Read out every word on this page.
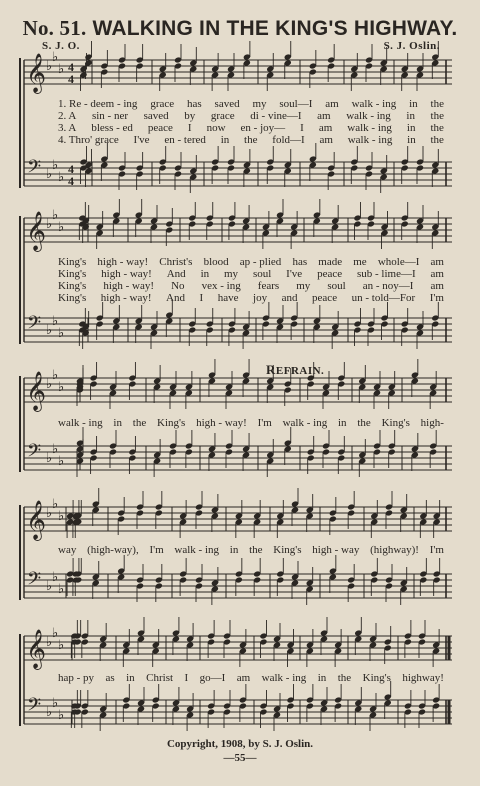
𝄞
𝄢
♭
♭
♭
♭
♭
♭
4
4
4
4
𝄞
𝄢
♭
♭
♭
♭
♭
♭
𝄞
𝄢
♭
♭
♭
♭
♭
♭
𝄞
𝄢
♭
♭
♭
♭
♭
♭
𝄞
𝄢
♭
♭
♭
♭
♭
♭
No. 51. WALKING IN THE KING'S HIGHWAY.
S. J. O.	S. J. Oslin.
REFRAIN.
1. Re - deem - ing grace has saved my soul—I am walk - ing in the
2. A sin - ner saved by grace di - vine—I am walk - ing in the
3. A bless - ed peace I now en - joy— I am walk - ing in the
4. Thro' grace I've en - tered in the fold—I am walk - ing in the
King's high - way! Christ's blood ap - plied has made me whole—I am
King's high - way! And in my soul I've peace sub - lime—I am
King's high - way! No vex - ing fears my soul an - noy—I am
King's high - way! And I have joy and peace un - told—For I'm
walk - ing in the King's high - way! I'm walk - ing in the King's high-
way (high-way), I'm walk - ing in the King's high - way (highway)! I'm
hap - py as in Christ I go—I am walk - ing in the King's highway!
Copyright, 1908, by S. J. Oslin.
—55—
